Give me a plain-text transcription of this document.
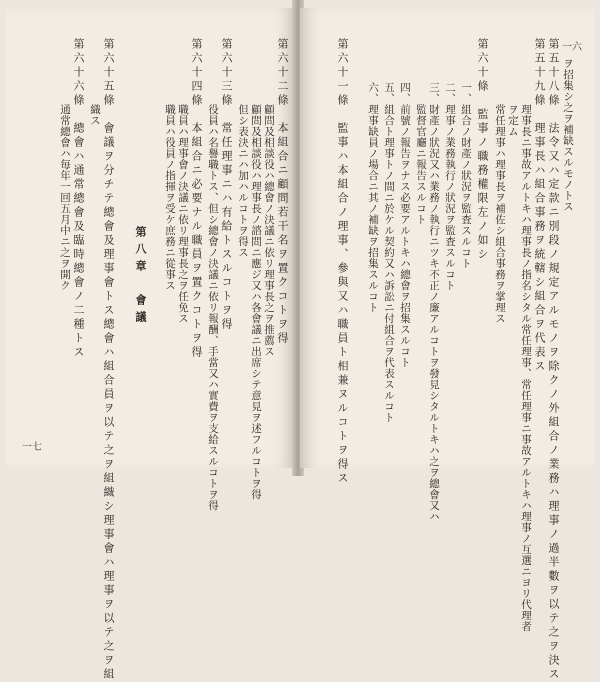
一七
第六十二條　本組合ニ顧問若干名ヲ置クコトヲ得
　　　　　　顧問及相談役ハ總會ノ決議ニ依リ理事長之ヲ推薦ス
　　　　　　顧問及相談役ハ理事長ノ諮問ニ應ジ又ハ各會議ニ出席シテ意見ヲ述フルコトヲ得
　　　　　　但シ表決ニハ加ハルコトヲ得ス
第六十三條　常任理事ニハ有給トスルコトヲ得
　　　　　　役員ハ名譽職トス、但シ總會ノ決議ニ依リ報酬、手當又ハ實費ヲ支給スルコトヲ得
第六十四條　本組合ニ必要ナル職員ヲ置クコトヲ得
　　　　　　職員ハ理事會ノ決議ニ依リ理事長之ヲ任免ス
　　　　　　職員ハ役員ノ指揮ヲ受ケ庶務ニ從事ス
　　　　第八章　會議
第六十五條　會議ヲ分チテ總會及理事會トス總會ハ組合員ヲ以テ之ヲ組織シ理事會ハ理事ヲ以テ之ヲ組
　　　　　　織ス
第六十六條　總會ハ通常總會及臨時總會ノ二種トス
　　　　　　通常總會ハ毎年一回五月中ニ之ヲ開ク	一六
ヲ招集シ之ヲ補缺スルモノトス
第五十八條　法令又ハ定款ニ別段ノ規定アルモノヲ除クノ外組合ノ業務ハ理事ノ過半數ヲ以テ之ヲ決ス
第五十九條　理事長ハ組合事務ヲ統轄シ組合ヲ代表ス
　　　　　　理事長ニ事故アルトキハ理事長ノ指名シタル常任理事、常任理事ニ事故アルトキハ理事ノ互選ニヨリ代理者
　　　　　　ヲ定ム
　　　　　　常任理事ハ理事長ヲ補佐シ組合事務ヲ掌理ス
第六十條　監事ノ職務權限左ノ如シ
　　　　一、組合ノ財產ノ狀況ヲ監査スルコト
　　　　二、理事ノ業務執行ノ狀況ヲ監査スルコト
　　　　三、財產ノ狀況又ハ業務ノ執行ニツキ不正ノ廉アルコトヲ發見シタルトキハ之ヲ總會又ハ
　　　　　　監督官廳ニ報告スルコト
　　　　四、前號ノ報告ヲナス必要アルトキハ總會ヲ招集スルコト
　　　　五、組合ト理事トノ間ニ於ケル契約又ハ訴訟ニ付組合ヲ代表スルコト
　　　　六、理事缺員ノ場合ニ其ノ補缺ヲ招集スルコト
第六十一條　監事ハ本組合ノ理事、參與又ハ職員ト相兼ヌルコトヲ得ス
